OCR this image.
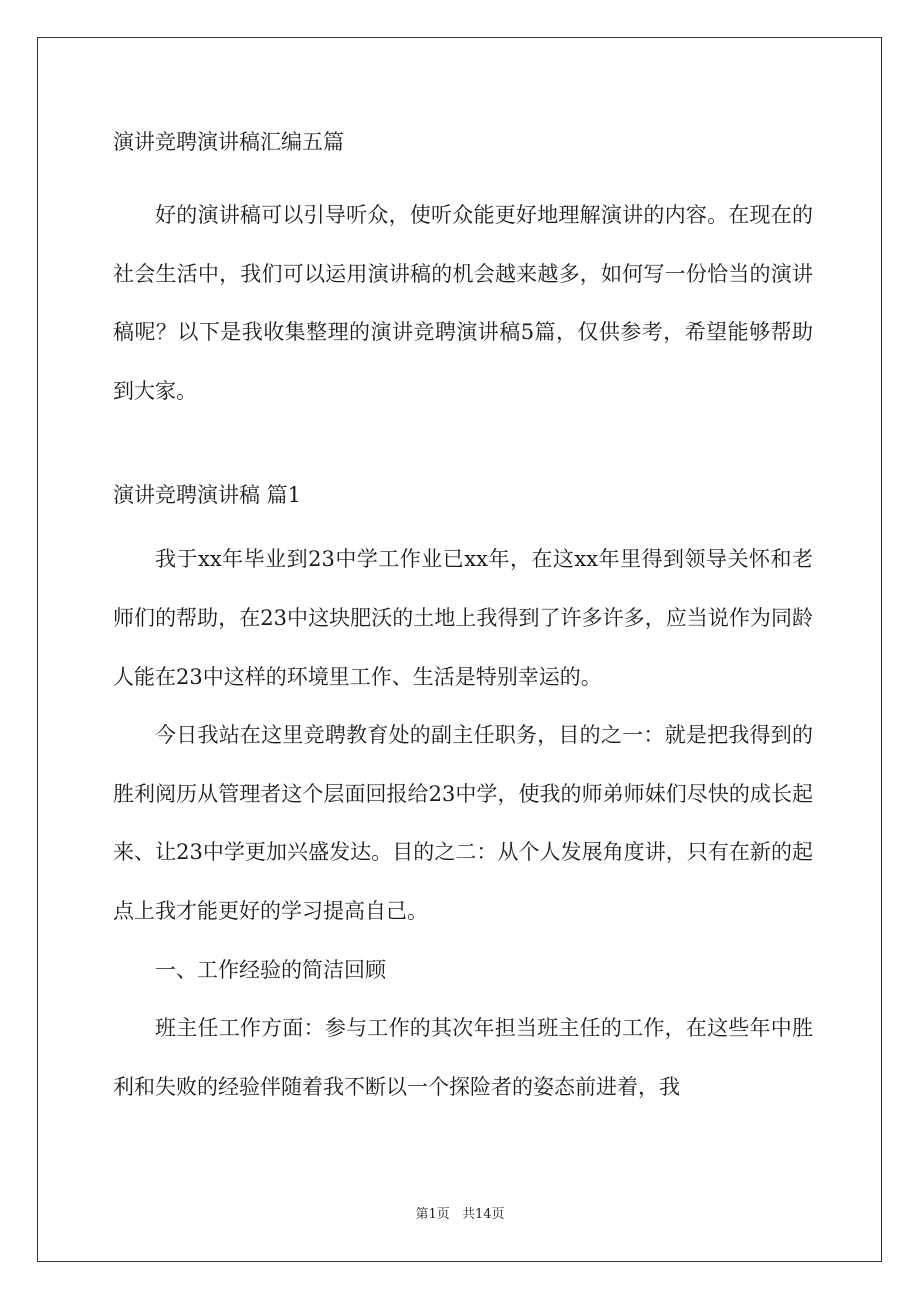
演讲竞聘演讲稿汇编五篇

好的演讲稿可以引导听众，使听众能更好地理解演讲的内容。在现在的社会生活中，我们可以运用演讲稿的机会越来越多，如何写一份恰当的演讲稿呢？以下是我收集整理的演讲竞聘演讲稿5篇，仅供参考，希望能够帮助到大家。

演讲竞聘演讲稿 篇1

我于xx年毕业到23中学工作业已xx年，在这xx年里得到领导关怀和老师们的帮助，在23中这块肥沃的土地上我得到了许多许多，应当说作为同龄人能在23中这样的环境里工作、生活是特别幸运的。

今日我站在这里竞聘教育处的副主任职务，目的之一：就是把我得到的胜利阅历从管理者这个层面回报给23中学，使我的师弟师妹们尽快的成长起来、让23中学更加兴盛发达。目的之二：从个人发展角度讲，只有在新的起点上我才能更好的学习提高自己。

一、工作经验的简洁回顾

班主任工作方面：参与工作的其次年担当班主任的工作，在这些年中胜利和失败的经验伴随着我不断以一个探险者的姿态前进着，我

第1页 共14页
